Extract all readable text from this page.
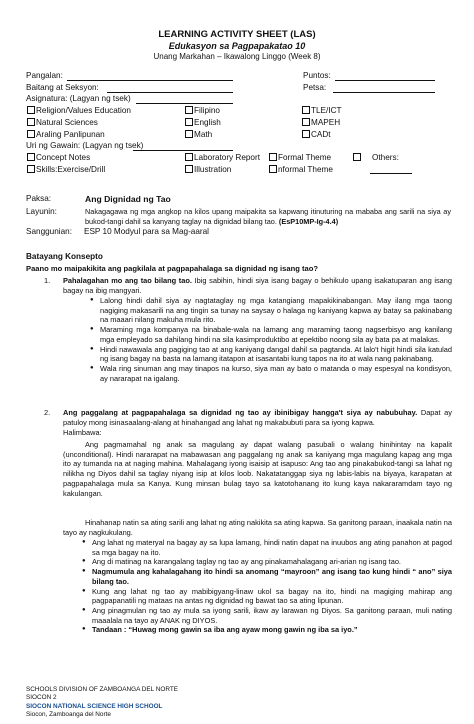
LEARNING ACTIVITY SHEET (LAS)
Edukasyon sa Pagpapakatao 10
Unang Markahan – Ikawalong Linggo (Week 8)
Pangalan:	Puntos:
Baitang at Seksyon:	Petsa:
Asignatura: (Lagyan ng tsek)
Religion/Values Education	Filipino	TLE/ICT
Natural Sciences	English	MAPEH
Araling Panlipunan	Math	CADt
Uri ng Gawain: (Lagyan ng tsek)
Concept Notes	Laboratory Report	Formal Theme	Others:
Skills:Exercise/Drill	Illustration	nformal Theme
Paksa:	Ang Dignidad ng Tao
Layunin:	Nakagagawa ng mga angkop na kilos upang maipakita sa kapwang itinuturing na mababa ang sarili na siya ay bukod-tangi dahil sa kanyang taglay na dignidad bilang tao. (EsP10MP-Ig-4.4)
Sanggunian: ESP 10 Modyul para sa Mag-aaral
Batayang Konsepto
Paano mo maipakikita ang pagkilala at pagpapahalaga sa dignidad ng isang tao?
1.	Pahalagahan mo ang tao bilang tao. Ibig sabihin, hindi siya isang bagay o behikulo upang isakatuparan ang isang bagay na ibig mangyari.
● Lalong hindi dahil siya ay nagtataglay ng mga katangiang mapakikinabangan. May ilang mga taong nagiging makasarili na ang tingin sa tunay na saysay o halaga ng kaniyang kapwa ay batay sa pakinabang na maaari nilang makuha mula rito.
● Maraming mga kompanya na binabale-wala na lamang ang maraming taong nagserbisyo ang kanilang mga empleyado sa dahilang hindi na sila kasimproduktibo at epektibo noong sila ay bata pa at malakas.
● Hindi nawawala ang pagiging tao at ang kaniyang dangal dahil sa pagtanda. At lalo't higit hindi sila katulad ng isang bagay na basta na lamang itatapon at isasantabi kung tapos na ito at wala nang pakinabang.
● Wala ring sinuman ang may tinapos na kurso, siya man ay bato o matanda o may espesyal na kondisyon, ay nararapat na igalang.
2.	Ang paggalang at pagpapahalaga sa dignidad ng tao ay ibinibigay hangga't siya ay nabubuhay. Dapat ay patuloy mong isinasaalang-alang at hinahangad ang lahat ng makabubuti para sa iyong kapwa.
Halimbawa:
Ang pagmamahal ng anak sa magulang ay dapat walang pasubali o walang hinihintay na kapalit (unconditional). Hindi nararapat na mabawasan ang paggalang ng anak sa kaniyang mga magulang kapag ang mga ito ay tumanda na at naging mahina. Mahalagang iyong isaisip at isapuso: Ang tao ang pinakabukod-tangi sa lahat ng nilikha ng Diyos dahil sa taglay niyang isip at kilos loob. Nakatatanggap siya ng labis-labis na biyaya, karapatan at pagpapahalaga mula sa Kanya. Kung minsan bulag tayo sa katotohanang ito kung kaya nakararamdam tayo ng kakulangan.
Hinahanap natin sa ating sarili ang lahat ng ating nakikita sa ating kapwa. Sa ganitong paraan, inaakala natin na tayo ay nagkukulang.
● Ang lahat ng materyal na bagay ay sa lupa lamang, hindi natin dapat na inuubos ang ating panahon at pagod sa mga bagay na ito.
● Ang di matinag na karangalang taglay ng tao ay ang pinakamahalagang ari-arian ng isang tao.
● Nagmumula ang kahalagahang ito hindi sa anomang “mayroon” ang isang tao kung hindi “ ano” siya bilang tao.
● Kung ang lahat ng tao ay mabibigyang-linaw ukol sa bagay na ito, hindi na magiging mahirap ang pagpapanatili ng mataas na antas ng dignidad ng bawat tao sa ating lipunan.
● Ang pinagmulan ng tao ay mula sa iyong sarili, ikaw ay larawan ng Diyos. Sa ganitong paraan, muli nating maaalala na tayo ay ANAK ng DIYOS.
● Tandaan : “Huwag mong gawin sa iba ang ayaw mong gawin ng iba sa iyo.”
SCHOOLS DIVISION OF ZAMBOANGA DEL NORTE
SIOCON 2
SIOCON NATIONAL SCIENCE HIGH SCHOOL
Siocon, Zamboanga del Norte
